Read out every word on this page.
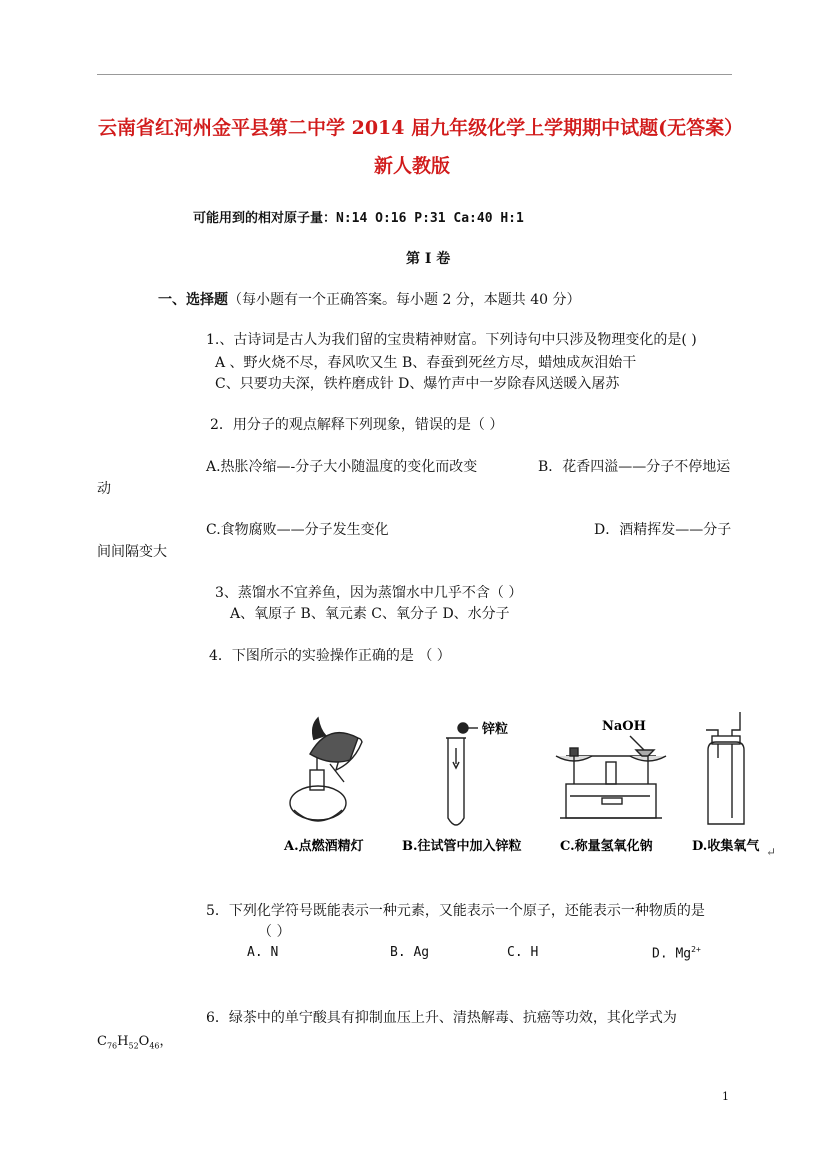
云南省红河州金平县第二中学 2014 届九年级化学上学期期中试题(无答案）
新人教版
可能用到的相对原子量：N:14 O:16 P:31 Ca:40 H:1
第 I 卷
一、选择题（每小题有一个正确答案。每小题 2 分，本题共 40 分）
1.、古诗词是古人为我们留的宝贵精神财富。下列诗句中只涉及物理变化的是( )
A 、野火烧不尽，春风吹又生 B、春蚕到死丝方尽，蜡烛成灰泪始干
C、只要功夫深，铁杵磨成针 D、爆竹声中一岁除春风送暖入屠苏
2．用分子的观点解释下列现象，错误的是（ ）
A.热胀冷缩—-分子大小随温度的变化而改变	B．花香四溢——分子不停地运
动
C.食物腐败——分子发生变化	D．酒精挥发——分子
间间隔变大
3、蒸馏水不宜养鱼，因为蒸馏水中几乎不含（ ）
A、氧原子 B、氧元素 C、氧分子 D、水分子
4．下图所示的实验操作正确的是 （ ）
A.点燃酒精灯
锌粒
B.往试管中加入锌粒
NaOH
C.称量氢氧化钠	D.收集氧气 ↵
5．下列化学符号既能表示一种元素，又能表示一个原子，还能表示一种物质的是
（ ）
A. N	B. Ag	C. H	D. $Mg^{2+}$
6．绿茶中的单宁酸具有抑制血压上升、清热解毒、抗癌等功效，其化学式为
$C_{76}H_{52}O_{46}$，
1
